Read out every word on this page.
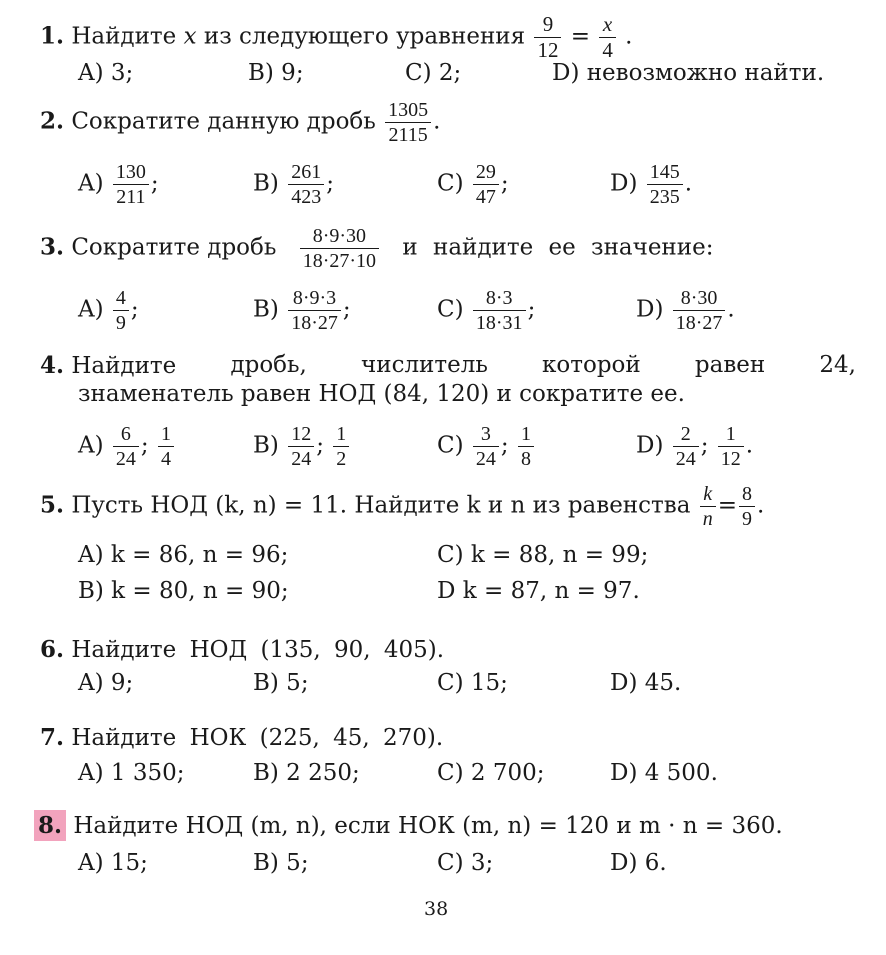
1. Найдите x из следующего уравнения $\frac{9}{12} = \frac{x}{4}$ .
A) 3;	B) 9;	C) 2;	D) невозможно найти.
2. Сократите данную дробь $\frac{1305}{2115}$ .
$A) \frac{130}{211}$ ;	$B) \frac{261}{423}$ ;	$C) \frac{29}{47}$ ;	$D) \frac{145}{235}$ .
3. Сократите дробь $\frac{8\cdot 9\cdot 30}{18\cdot 27\cdot 10}$ и найдите ее значение:
$A) \frac{4}{9}$ ;	$B) \frac{8\cdot 9\cdot 3}{18\cdot 27}$ ;	$C) \frac{8\cdot 3}{18\cdot 31}$ ;	$D) \frac{8\cdot 30}{18\cdot 27}$ .
4. Найдите дробь, числитель которой равен 24,
знаменатель равен НОД (84, 120) и сократите ее.
$A) \frac{6}{24}$ ; $\frac{1}{4}$	$B) \frac{12}{24}$ ; $\frac{1}{2}$	$C) \frac{3}{24}$ ; $\frac{1}{8}$	$D) \frac{2}{24}$ ; $\frac{1}{12}$ .
5. Пусть НОД (k, n) = 11. Найдите k и n из равенства $\frac{k}{n} = \frac{8}{9}$ .
A) k = 86, n = 96;	C) k = 88, n = 99;
B) k = 80, n = 90;	D k = 87, n = 97.
6. Найдите НОД (135, 90, 405).
A) 9;	B) 5;	C) 15;	D) 45.
7. Найдите НОК (225, 45, 270).
A) 1 350;	B) 2 250;	C) 2 700;	D) 4 500.
8. Найдите НОД (m, n), если НОК (m, n) = 120 и m · n = 360.
A) 15;	B) 5;	C) 3;	D) 6.
38
